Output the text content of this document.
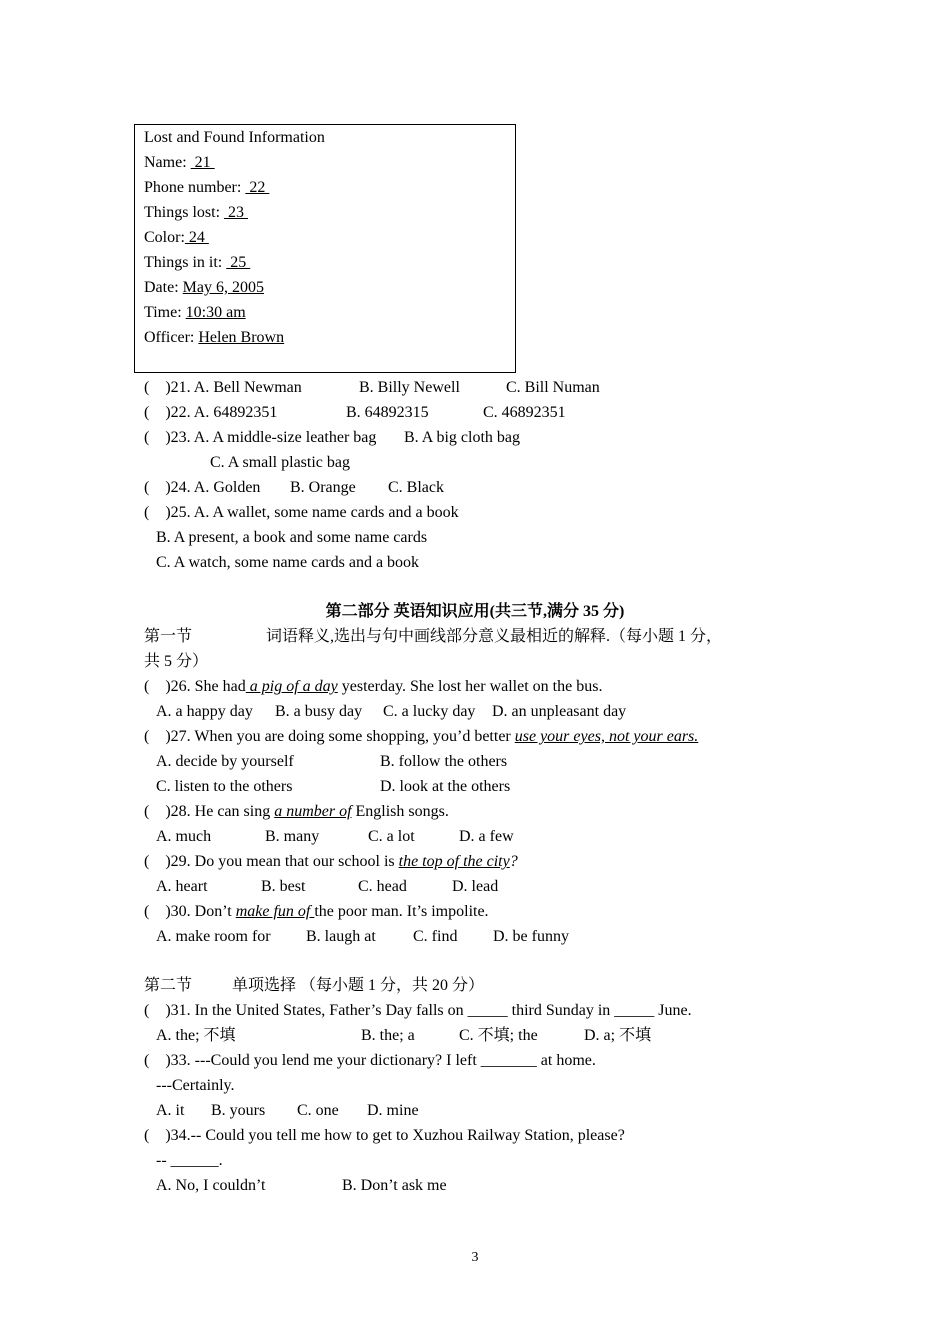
Lost and Found Information
Name:  21
Phone number:  22
Things lost:  23
Color: 24
Things in it:  25
Date: May 6, 2005
Time: 10:30 am
Officer: Helen Brown
(    )21. A. Bell Newman	B. Billy Newell	C. Bill Numan
(    )22. A. 64892351	B. 64892315	C. 46892351
(    )23. A. A middle-size leather bag B. A big cloth bag
C. A small plastic bag
(    )24. A. Golden B. Orange C. Black
(    )25. A. A wallet, some name cards and a book
B. A present, a book and some name cards
C. A watch, some name cards and a book
第二部分 英语知识应用(共三节,满分 35 分)
第一节	词语释义,选出与句中画线部分意义最相近的解释.（每小题 1 分，
共 5 分）
(    )26. She had a pig of a day yesterday. She lost her wallet on the bus.
A. a happy day B. a busy day C. a lucky day D. an unpleasant day
(    )27. When you are doing some shopping, you’d better use your eyes, not your ears.
A. decide by yourself	B. follow the others
C. listen to the others	D. look at the others
(    )28. He can sing a number of English songs.
A. much	B. many	C. a lot	D. a few
(    )29. Do you mean that our school is the top of the city?
A. heart	B. best	C. head	D. lead
(    )30. Don’t make fun of the poor man. It’s impolite.
A. make room for B. laugh at C. find D. be funny
第二节 单项选择 （每小题 1 分，共 20 分）
(    )31. In the United States, Father’s Day falls on _____ third Sunday in _____ June.
A. the; 不填	B. the; a	C. 不填; the	D. a; 不填
(    )33. ---Could you lend me your dictionary? I left _______ at home.
---Certainly.
A. it B. yours C. one D. mine
(    )34.-- Could you tell me how to get to Xuzhou Railway Station, please?
-- ______.
A. No, I couldn’t	B. Don’t ask me
3
